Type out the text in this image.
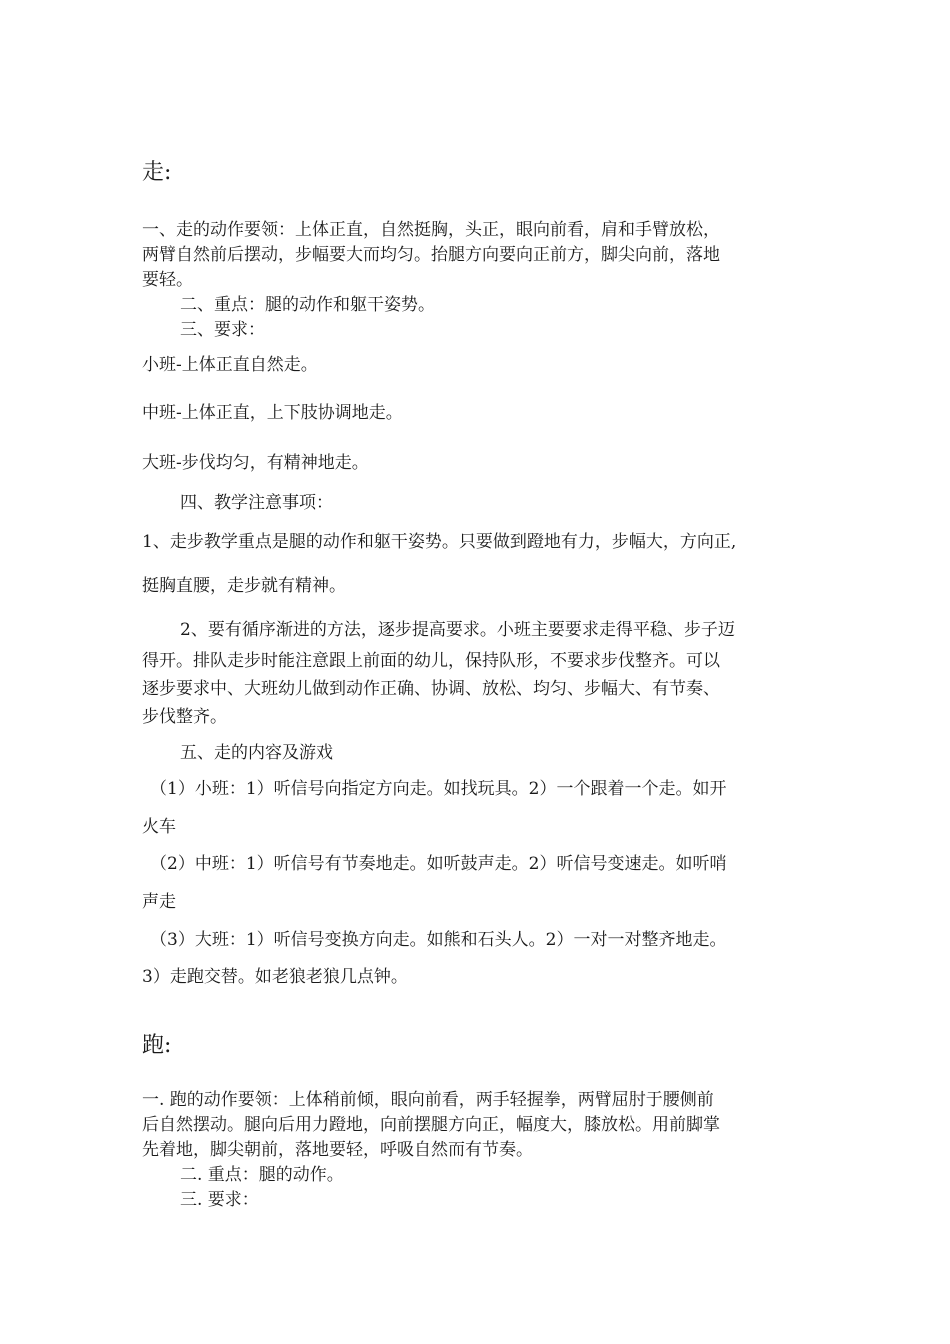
走:
一、走的动作要领：上体正直，自然挺胸，头正，眼向前看，肩和手臂放松，
两臂自然前后摆动，步幅要大而均匀。抬腿方向要向正前方，脚尖向前，落地
要轻。
二、重点：腿的动作和躯干姿势。
三、要求：
小班-上体正直自然走。
中班-上体正直，上下肢协调地走。
大班-步伐均匀，有精神地走。
四、教学注意事项：
1、走步教学重点是腿的动作和躯干姿势。只要做到蹬地有力，步幅大，方向正,
挺胸直腰，走步就有精神。
2、要有循序渐进的方法，逐步提高要求。小班主要要求走得平稳、步子迈
得开。排队走步时能注意跟上前面的幼儿，保持队形，不要求步伐整齐。可以
逐步要求中、大班幼儿做到动作正确、协调、放松、均匀、步幅大、有节奏、
步伐整齐。
五、走的内容及游戏
（1）小班：1）听信号向指定方向走。如找玩具。2）一个跟着一个走。如开
火车
（2）中班：1）听信号有节奏地走。如听鼓声走。2）听信号变速走。如听哨
声走
（3）大班：1）听信号变换方向走。如熊和石头人。2）一对一对整齐地走。
3）走跑交替。如老狼老狼几点钟。
跑:
一. 跑的动作要领：上体稍前倾，眼向前看，两手轻握拳，两臂屈肘于腰侧前
后自然摆动。腿向后用力蹬地，向前摆腿方向正，幅度大，膝放松。用前脚掌
先着地，脚尖朝前，落地要轻，呼吸自然而有节奏。
二. 重点：腿的动作。
三. 要求：
